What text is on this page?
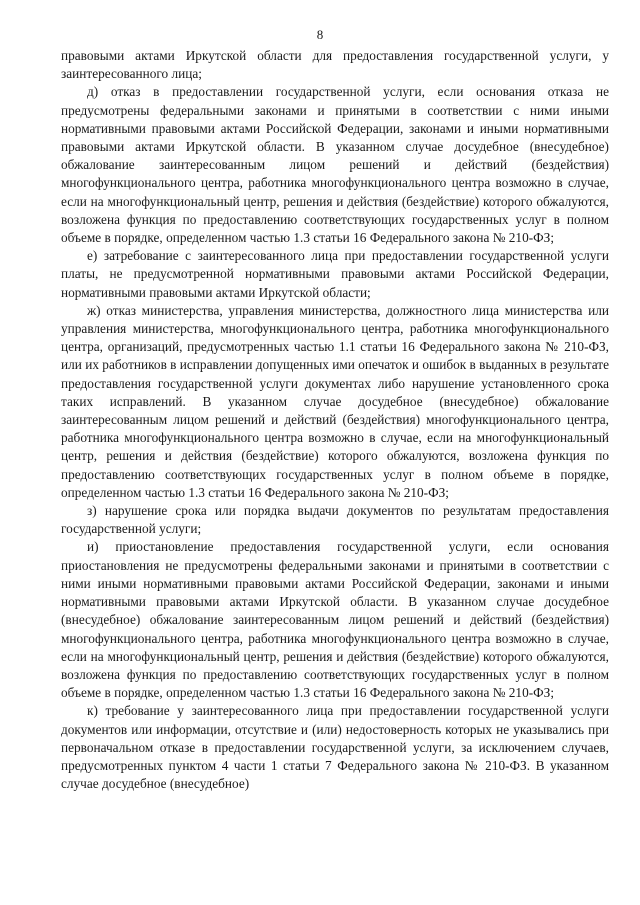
8

правовыми актами Иркутской области для предоставления государственной услуги, у заинтересованного лица;

д) отказ в предоставлении государственной услуги, если основания отказа не предусмотрены федеральными законами и принятыми в соответствии с ними иными нормативными правовыми актами Российской Федерации, законами и иными нормативными правовыми актами Иркутской области. В указанном случае досудебное (внесудебное) обжалование заинтересованным лицом решений и действий (бездействия) многофункционального центра, работника многофункционального центра возможно в случае, если на многофункциональный центр, решения и действия (бездействие) которого обжалуются, возложена функция по предоставлению соответствующих государственных услуг в полном объеме в порядке, определенном частью 1.3 статьи 16 Федерального закона № 210-ФЗ;

е) затребование с заинтересованного лица при предоставлении государственной услуги платы, не предусмотренной нормативными правовыми актами Российской Федерации, нормативными правовыми актами Иркутской области;

ж) отказ министерства, управления министерства, должностного лица министерства или управления министерства, многофункционального центра, работника многофункционального центра, организаций, предусмотренных частью 1.1 статьи 16 Федерального закона № 210-ФЗ, или их работников в исправлении допущенных ими опечаток и ошибок в выданных в результате предоставления государственной услуги документах либо нарушение установленного срока таких исправлений. В указанном случае досудебное (внесудебное) обжалование заинтересованным лицом решений и действий (бездействия) многофункционального центра, работника многофункционального центра возможно в случае, если на многофункциональный центр, решения и действия (бездействие) которого обжалуются, возложена функция по предоставлению соответствующих государственных услуг в полном объеме в порядке, определенном частью 1.3 статьи 16 Федерального закона № 210-ФЗ;

з) нарушение срока или порядка выдачи документов по результатам предоставления государственной услуги;

и) приостановление предоставления государственной услуги, если основания приостановления не предусмотрены федеральными законами и принятыми в соответствии с ними иными нормативными правовыми актами Российской Федерации, законами и иными нормативными правовыми актами Иркутской области. В указанном случае досудебное (внесудебное) обжалование заинтересованным лицом решений и действий (бездействия) многофункционального центра, работника многофункционального центра возможно в случае, если на многофункциональный центр, решения и действия (бездействие) которого обжалуются, возложена функция по предоставлению соответствующих государственных услуг в полном объеме в порядке, определенном частью 1.3 статьи 16 Федерального закона № 210-ФЗ;

к) требование у заинтересованного лица при предоставлении государственной услуги документов или информации, отсутствие и (или) недостоверность которых не указывались при первоначальном отказе в предоставлении государственной услуги, за исключением случаев, предусмотренных пунктом 4 части 1 статьи 7 Федерального закона № 210-ФЗ. В указанном случае досудебное (внесудебное)
